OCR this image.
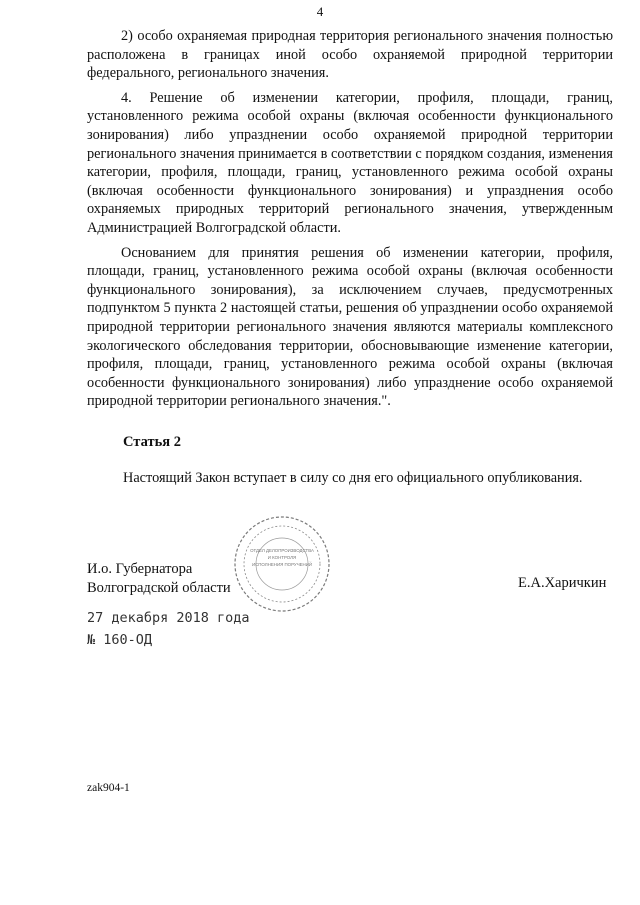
4

2) особо охраняемая природная территория регионального значения полностью расположена в границах иной особо охраняемой природной территории федерального, регионального значения.

4. Решение об изменении категории, профиля, площади, границ, установленного режима особой охраны (включая особенности функционального зонирования) либо упразднении особо охраняемой природной территории регионального значения принимается в соответствии с порядком создания, изменения категории, профиля, площади, границ, установленного режима особой охраны (включая особенности функционального зонирования) и упразднения особо охраняемых природных территорий регионального значения, утвержденным Администрацией Волгоградской области.

Основанием для принятия решения об изменении категории, профиля, площади, границ, установленного режима особой охраны (включая особенности функционального зонирования), за исключением случаев, предусмотренных подпунктом 5 пункта 2 настоящей статьи, решения об упразднении особо охраняемой природной территории регионального значения являются материалы комплексного экологического обследования территории, обосновывающие изменение категории, профиля, площади, границ, установленного режима особой охраны (включая особенности функционального зонирования) либо упразднение особо охраняемой природной территории регионального значения.".

Статья 2

Настоящий Закон вступает в силу со дня его официального опубликования.

И.о. Губернатора
Волгоградской области	Е.А.Харичкин
ОТДЕЛ ДЕЛОПРОИЗВОДСТВА
И КОНТРОЛЯ
ИСПОЛНЕНИЯ ПОРУЧЕНИЙ
27 декабря 2018 года
№ 160-ОД
zak904-1
